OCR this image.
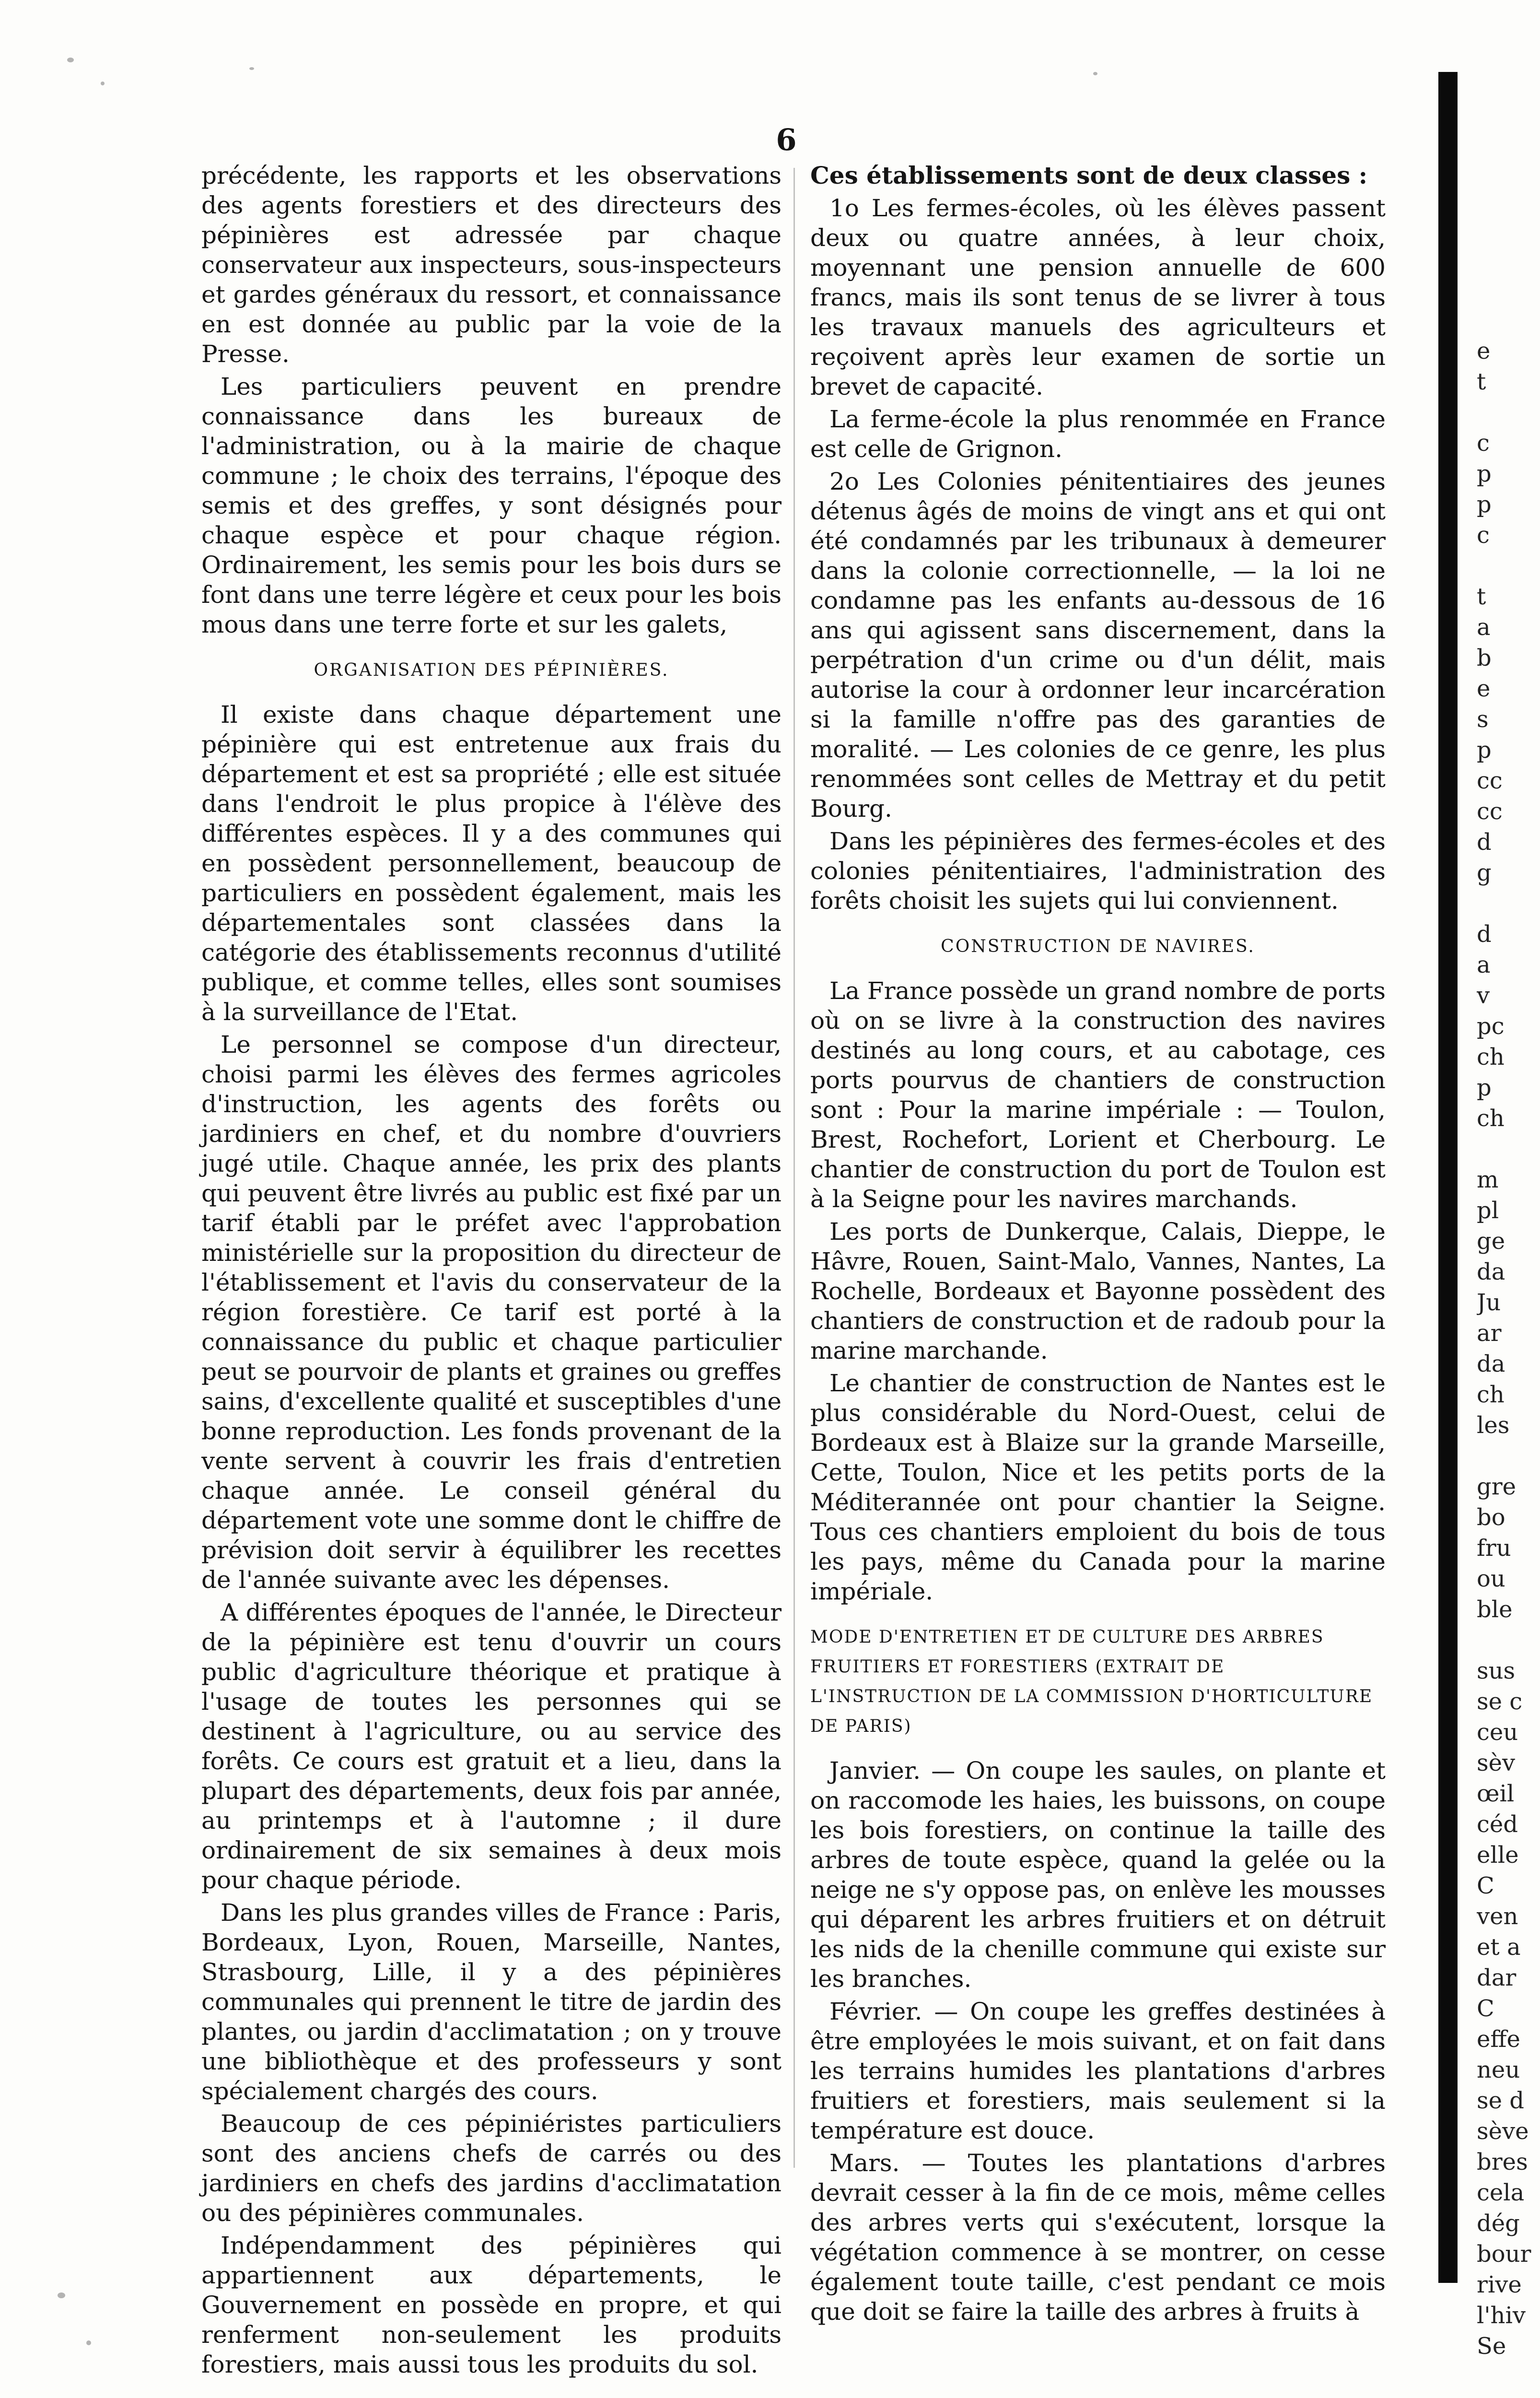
6

précédente, les rapports et les observations des agents forestiers et des directeurs des pépinières est adressée par chaque conservateur aux inspecteurs, sous-inspecteurs et gardes généraux du ressort, et connaissance en est donnée au public par la voie de la Presse.

Les particuliers peuvent en prendre connaissance dans les bureaux de l'administration, ou à la mairie de chaque commune ; le choix des terrains, l'époque des semis et des greffes, y sont désignés pour chaque espèce et pour chaque région. Ordinairement, les semis pour les bois durs se font dans une terre légère et ceux pour les bois mous dans une terre forte et sur les galets,

ORGANISATION DES PÉPINIÈRES.

Il existe dans chaque département une pépinière qui est entretenue aux frais du département et est sa propriété ; elle est située dans l'endroit le plus propice à l'élève des différentes espèces. Il y a des communes qui en possèdent personnellement, beaucoup de particuliers en possèdent également, mais les départementales sont classées dans la catégorie des établissements reconnus d'utilité publique, et comme telles, elles sont soumises à la surveillance de l'Etat.

Le personnel se compose d'un directeur, choisi parmi les élèves des fermes agricoles d'instruction, les agents des forêts ou jardiniers en chef, et du nombre d'ouvriers jugé utile. Chaque année, les prix des plants qui peuvent être livrés au public est fixé par un tarif établi par le préfet avec l'approbation ministérielle sur la proposition du directeur de l'établissement et l'avis du conservateur de la région forestière. Ce tarif est porté à la connaissance du public et chaque particulier peut se pourvoir de plants et graines ou greffes sains, d'excellente qualité et susceptibles d'une bonne reproduction. Les fonds provenant de la vente servent à couvrir les frais d'entretien chaque année. Le conseil général du département vote une somme dont le chiffre de prévision doit servir à équilibrer les recettes de l'année suivante avec les dépenses.

A différentes époques de l'année, le Directeur de la pépinière est tenu d'ouvrir un cours public d'agriculture théorique et pratique à l'usage de toutes les personnes qui se destinent à l'agriculture, ou au service des forêts. Ce cours est gratuit et a lieu, dans la plupart des départements, deux fois par année, au printemps et à l'automne ; il dure ordinairement de six semaines à deux mois pour chaque période.

Dans les plus grandes villes de France : Paris, Bordeaux, Lyon, Rouen, Marseille, Nantes, Strasbourg, Lille, il y a des pépinières communales qui prennent le titre de jardin des plantes, ou jardin d'acclimatation ; on y trouve une bibliothèque et des professeurs y sont spécialement chargés des cours.

Beaucoup de ces pépiniéristes particuliers sont des anciens chefs de carrés ou des jardiniers en chefs des jardins d'acclimatation ou des pépinières communales.

Indépendamment des pépinières qui appartiennent aux départements, le Gouvernement en possède en propre, et qui renferment non-seulement les produits forestiers, mais aussi tous les produits du sol.

Ces établissements sont de deux classes :

1o Les fermes-écoles, où les élèves passent deux ou quatre années, à leur choix, moyennant une pension annuelle de 600 francs, mais ils sont tenus de se livrer à tous les travaux manuels des agriculteurs et reçoivent après leur examen de sortie un brevet de capacité.

La ferme-école la plus renommée en France est celle de Grignon.

2o Les Colonies pénitentiaires des jeunes détenus âgés de moins de vingt ans et qui ont été condamnés par les tribunaux à demeurer dans la colonie correctionnelle, — la loi ne condamne pas les enfants au-dessous de 16 ans qui agissent sans discernement, dans la perpétration d'un crime ou d'un délit, mais autorise la cour à ordonner leur incarcération si la famille n'offre pas des garanties de moralité. — Les colonies de ce genre, les plus renommées sont celles de Mettray et du petit Bourg.

Dans les pépinières des fermes-écoles et des colonies pénitentiaires, l'administration des forêts choisit les sujets qui lui conviennent.

CONSTRUCTION DE NAVIRES.

La France possède un grand nombre de ports où on se livre à la construction des navires destinés au long cours, et au cabotage, ces ports pourvus de chantiers de construction sont : Pour la marine impériale : — Toulon, Brest, Rochefort, Lorient et Cherbourg. Le chantier de construction du port de Toulon est à la Seigne pour les navires marchands.

Les ports de Dunkerque, Calais, Dieppe, le Hâvre, Rouen, Saint-Malo, Vannes, Nantes, La Rochelle, Bordeaux et Bayonne possèdent des chantiers de construction et de radoub pour la marine marchande.

Le chantier de construction de Nantes est le plus considérable du Nord-Ouest, celui de Bordeaux est à Blaize sur la grande Marseille, Cette, Toulon, Nice et les petits ports de la Méditerannée ont pour chantier la Seigne. Tous ces chantiers emploient du bois de tous les pays, même du Canada pour la marine impériale.

MODE D'ENTRETIEN ET DE CULTURE DES ARBRES FRUITIERS ET FORESTIERS (EXTRAIT DE L'INSTRUCTION DE LA COMMISSION D'HORTICULTURE DE PARIS)

Janvier. — On coupe les saules, on plante et on raccomode les haies, les buissons, on coupe les bois forestiers, on continue la taille des arbres de toute espèce, quand la gelée ou la neige ne s'y oppose pas, on enlève les mousses qui déparent les arbres fruitiers et on détruit les nids de la chenille commune qui existe sur les branches.

Février. — On coupe les greffes destinées à être employées le mois suivant, et on fait dans les terrains humides les plantations d'arbres fruitiers et forestiers, mais seulement si la température est douce.

Mars. — Toutes les plantations d'arbres devrait cesser à la fin de ce mois, même celles des arbres verts qui s'exécutent, lorsque la végétation commence à se montrer, on cesse également toute taille, c'est pendant ce mois que doit se faire la taille des arbres à fruits à

e
t

c
p
p
c

t
a
b
e
s
p
cc
cc
d
g

d
a
v
pc
ch
p
ch

m
pl
ge
da
Ju
ar
da
ch
les

gre
bo
fru
ou
ble

sus
se c
ceu
sèv
œil
céd
elle
C
ven
et a
dar
C
effe
neu
se d
sève
bres
cela
dég
bour
rive
l'hiv
Se
